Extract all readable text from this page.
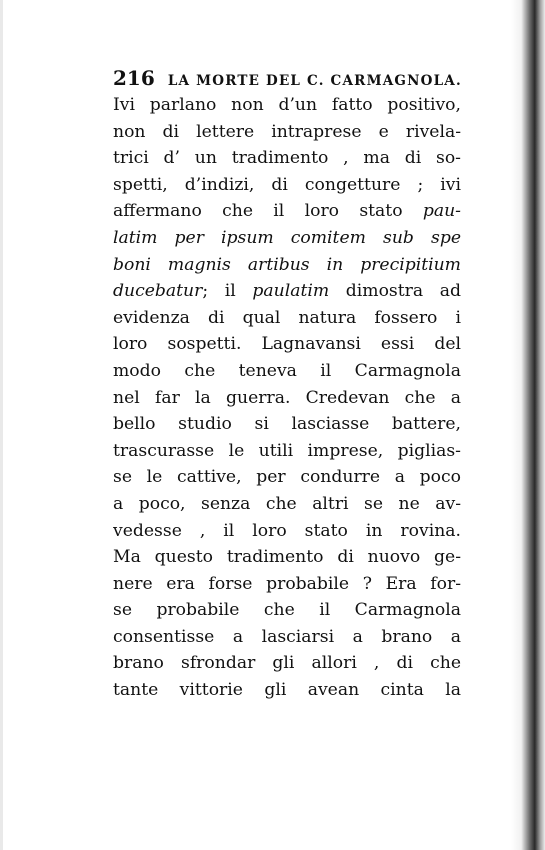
216 LA MORTE DEL C. CARMAGNOLA.
Ivi parlano non d’un fatto positivo,
non di lettere intraprese e rivela-
trici d’ un tradimento , ma di so-
spetti, d’indizi, di congetture ; ivi
affermano che il loro stato pau-
latim per ipsum comitem sub spe
boni magnis artibus in precipitium
ducebatur; il paulatim dimostra ad
evidenza di qual natura fossero i
loro sospetti. Lagnavansi essi del
modo che teneva il Carmagnola
nel far la guerra. Credevan che a
bello studio si lasciasse battere,
trascurasse le utili imprese, piglias-
se le cattive, per condurre a poco
a poco, senza che altri se ne av-
vedesse , il loro stato in rovina.
Ma questo tradimento di nuovo ge-
nere era forse probabile ? Era for-
se probabile che il Carmagnola
consentisse a lasciarsi a brano a
brano sfrondar gli allori , di che
tante vittorie gli avean cinta la
